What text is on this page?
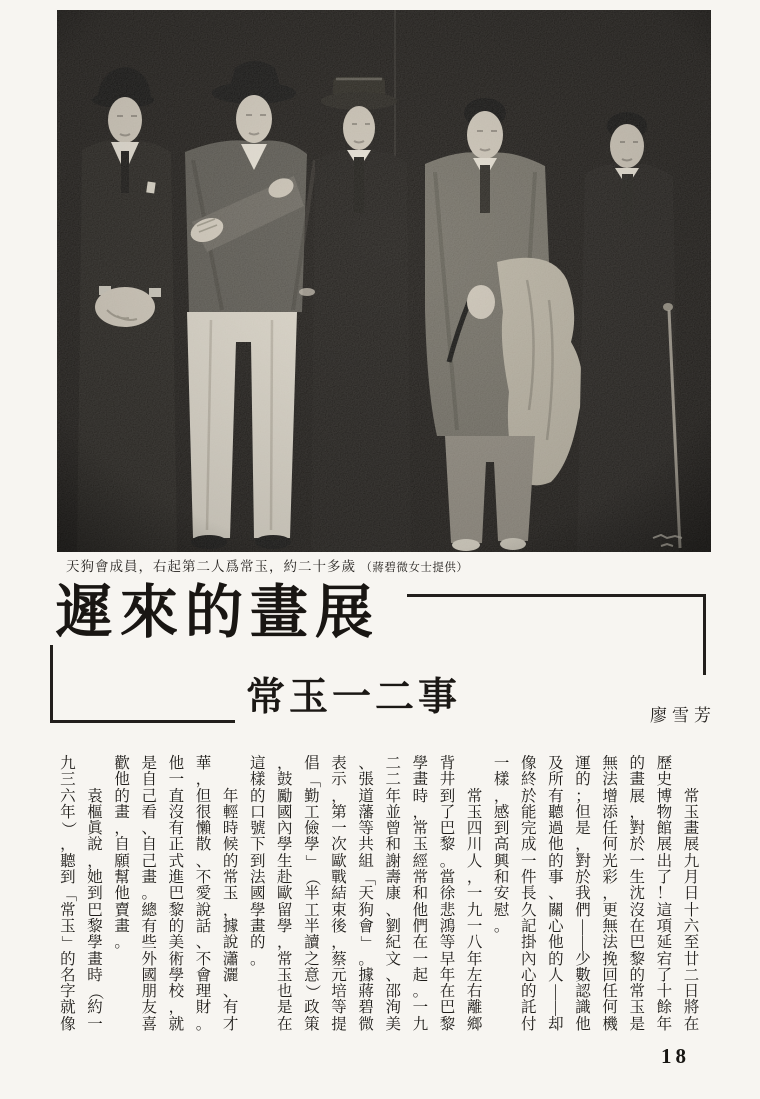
天狗會成員，右起第二人爲常玉，約二十多歲 （蔣碧微女士提供）
遲來的畫展
常玉一二事	廖雪芳

常
玉
畫
展
九
月
日
十
六
至
廿
二
日
將
在
歷
史
博
物
館
展
出
了
！
這
項
延
宕
了
十
餘
年
的
畫
展
，
對
於
一
生
沈
沒
在
巴
黎
的
常
玉
是
無
法
增
添
任
何
光
彩
，
更
無
法
挽
回
任
何
機
運
的
；
但
是
，
對
於
我
們
—
—
少
數
認
識
他
及
所
有
聽
過
他
的
事
、
關
心
他
的
人
—
—
却
像
終
於
能
完
成
一
件
長
久
記
掛
內
心
的
託
付
一
樣
，
感
到
高
興
和
安
慰
。

常
玉
四
川
人
，
一
九
一
八
年
左
右
離
鄉
背
井
到
了
巴
黎
。
當
徐
悲
鴻
等
早
年
在
巴
黎
學
畫
時
，
常
玉
經
常
和
他
們
在
一
起
。
一
九
二
二
年
並
曾
和
謝
壽
康
、
劉
紀
文
、
邵
洵
美
、
張
道
藩
等
共
組
「
天
狗
會
」
。
據
蔣
碧
微
表
示
，
第
一
次
歐
戰
結
束
後
，
蔡
元
培
等
提
倡
「
勤
工
儉
學
」
（
半
工
半
讀
之
意
）
政
策
，
鼓
勵
國
內
學
生
赴
歐
留
學
，
常
玉
也
是
在
這
樣
的
口
號
下
到
法
國
學
畫
的
。

年
輕
時
候
的
常
玉
，
據
說
瀟
灑
、
有
才
華
，
但
很
懶
散
、
不
愛
說
話
、
不
會
理
財
。
他
一
直
沒
有
正
式
進
巴
黎
的
美
術
學
校
，
就
是
自
己
看
、
自
己
畫
。
總
有
些
外
國
朋
友
喜
歡
他
的
畫
，
自
願
幫
他
賣
畫
。

袁
樞
眞
說
，
她
到
巴
黎
學
畫
時
（
約
一
九
三
六
年
）
，
聽
到
「
常
玉
」
的
名
字
就
像
18
